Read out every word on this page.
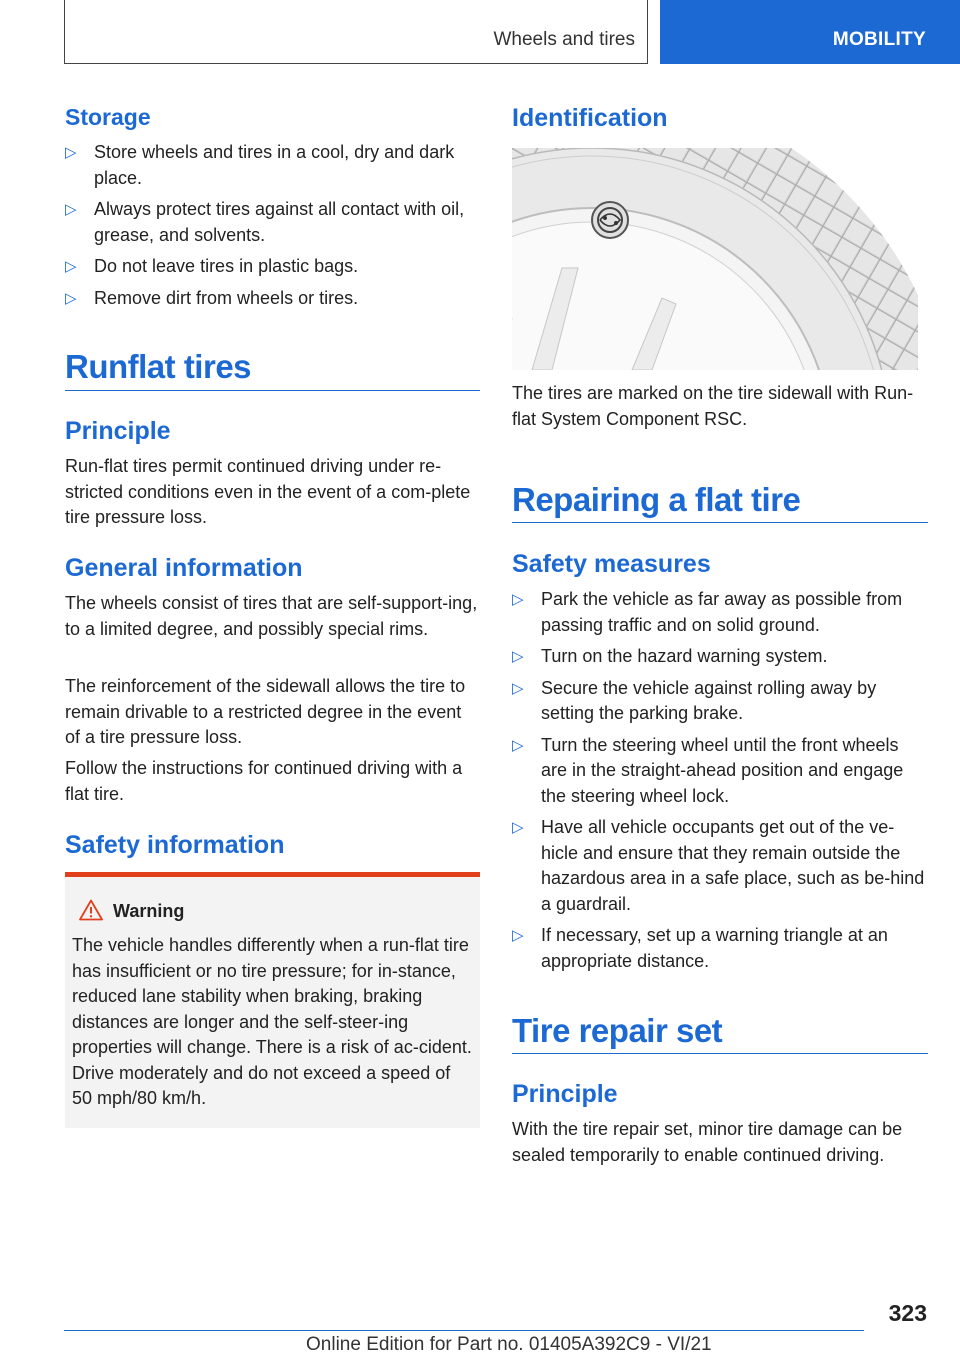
Wheels and tires	MOBILITY
Storage
▷ Store wheels and tires in a cool, dry and dark place.
▷ Always protect tires against all contact with oil, grease, and solvents.
▷ Do not leave tires in plastic bags.
▷ Remove dirt from wheels or tires.
Runflat tires
Principle

Run-flat tires permit continued driving under re‐stricted conditions even in the event of a com‐plete tire pressure loss.

General information

The wheels consist of tires that are self-support‐ing, to a limited degree, and possibly special rims.

The reinforcement of the sidewall allows the tire to remain drivable to a restricted degree in the event of a tire pressure loss.

Follow the instructions for continued driving with a flat tire.

Safety information
Warning

The vehicle handles differently when a run-flat tire has insufficient or no tire pressure; for in‐stance, reduced lane stability when braking, braking distances are longer and the self-steer‐ing properties will change. There is a risk of ac‐cident. Drive moderately and do not exceed a speed of 50 mph/80 km/h.

Identification

The tires are marked on the tire sidewall with Run-flat System Component RSC.

Repairing a flat tire
Safety measures
▷ Park the vehicle as far away as possible from passing traffic and on solid ground.
▷ Turn on the hazard warning system.
▷ Secure the vehicle against rolling away by setting the parking brake.
▷ Turn the steering wheel until the front wheels are in the straight-ahead position and engage the steering wheel lock.
▷ Have all vehicle occupants get out of the ve‐hicle and ensure that they remain outside the hazardous area in a safe place, such as be‐hind a guardrail.
▷ If necessary, set up a warning triangle at an appropriate distance.
Tire repair set
Principle

With the tire repair set, minor tire damage can be sealed temporarily to enable continued driving.

323
Online Edition for Part no. 01405A392C9 - VI/21
